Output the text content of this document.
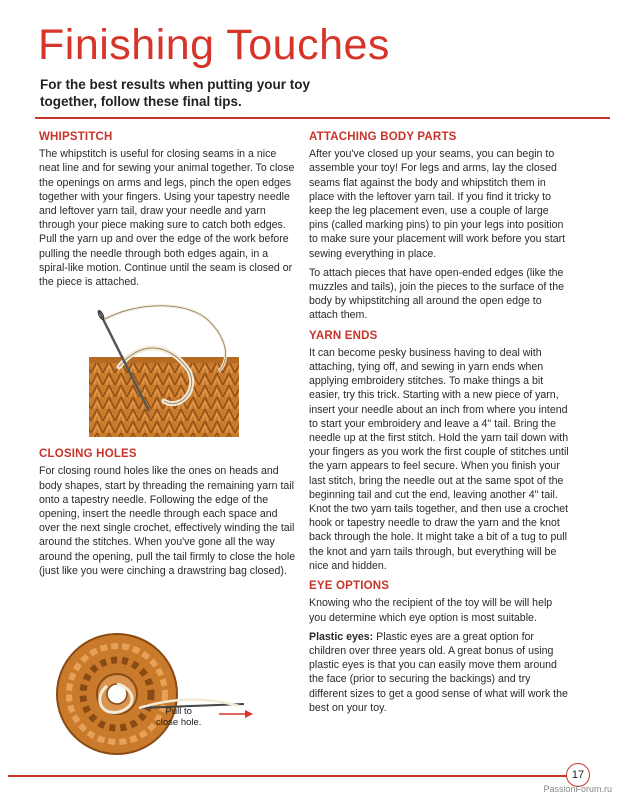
Finishing Touches

For the best results when putting your toy together, follow these final tips.

WHIPSTITCH

The whipstitch is useful for closing seams in a nice neat line and for sewing your animal together. To close the openings on arms and legs, pinch the open edges together with your fingers. Using your tapestry needle and leftover yarn tail, draw your needle and yarn through your piece making sure to catch both edges. Pull the yarn up and over the edge of the work before pulling the needle through both edges again, in a spiral-like motion. Continue until the seam is closed or the piece is attached.

CLOSING HOLES

For closing round holes like the ones on heads and body shapes, start by threading the remaining yarn tail onto a tapestry needle. Following the edge of the opening, insert the needle through each space and over the next single crochet, effectively winding the tail around the stitches. When you've gone all the way around the opening, pull the tail firmly to close the hole (just like you were cinching a drawstring bag closed).

Pull to
close hole.
ATTACHING BODY PARTS

After you've closed up your seams, you can begin to assemble your toy! For legs and arms, lay the closed seams flat against the body and whipstitch them in place with the leftover yarn tail. If you find it tricky to keep the leg placement even, use a couple of large pins (called marking pins) to pin your legs into position to make sure your placement will work before you start sewing everything in place.

To attach pieces that have open-ended edges (like the muzzles and tails), join the pieces to the surface of the body by whipstitching all around the open edge to attach them.

YARN ENDS

It can become pesky business having to deal with attaching, tying off, and sewing in yarn ends when applying embroidery stitches. To make things a bit easier, try this trick. Starting with a new piece of yarn, insert your needle about an inch from where you intend to start your embroidery and leave a 4" tail. Bring the needle up at the first stitch. Hold the yarn tail down with your fingers as you work the first couple of stitches until the yarn appears to feel secure. When you finish your last stitch, bring the needle out at the same spot of the beginning tail and cut the end, leaving another 4" tail. Knot the two yarn tails together, and then use a crochet hook or tapestry needle to draw the yarn and the knot back through the hole. It might take a bit of a tug to pull the knot and yarn tails through, but everything will be nice and hidden.

EYE OPTIONS

Knowing who the recipient of the toy will be will help you determine which eye option is most suitable.

Plastic eyes: Plastic eyes are a great option for children over three years old. A great bonus of using plastic eyes is that you can easily move them around the face (prior to securing the backings) and try different sizes to get a good sense of what will work the best on your toy.

17
PassionForum.ru
